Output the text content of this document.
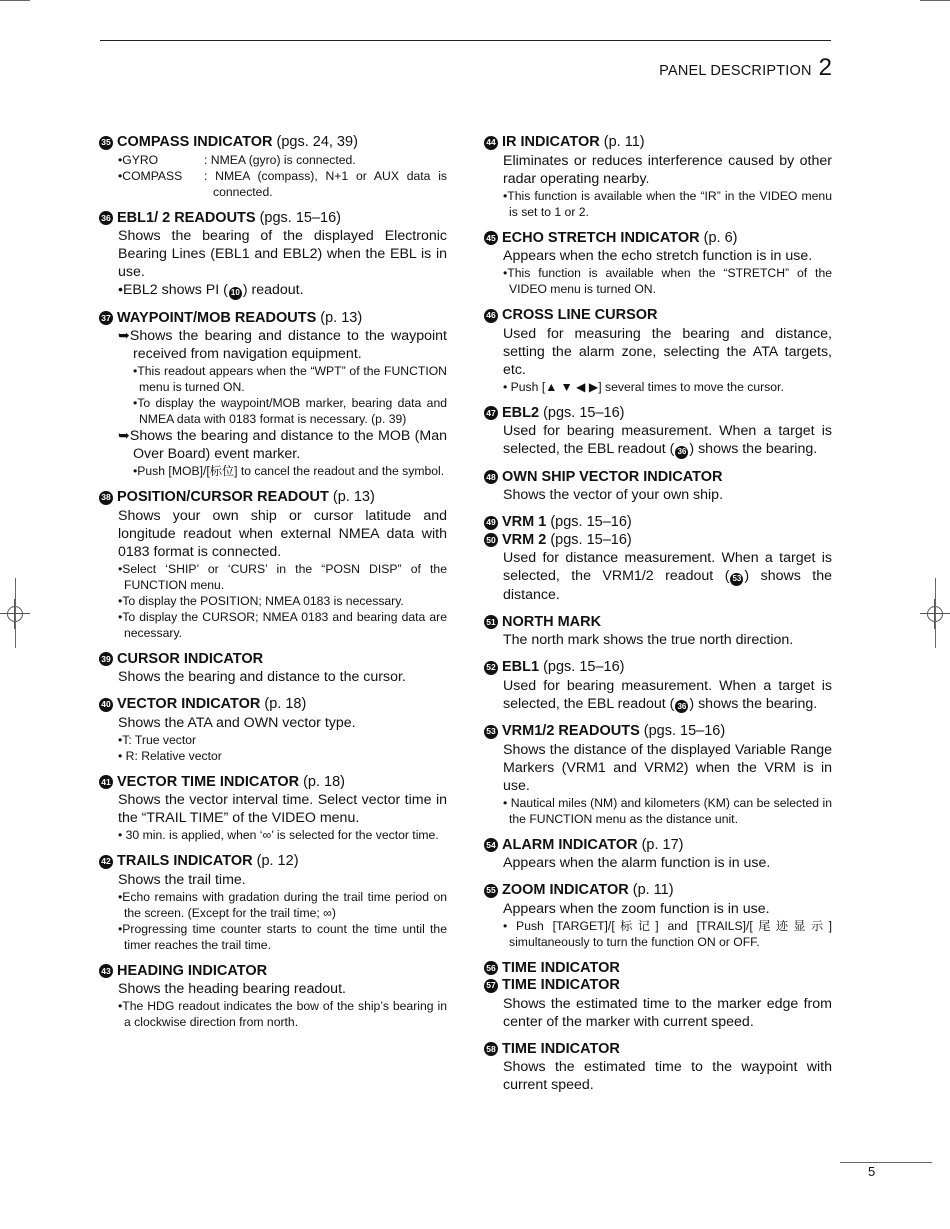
PANEL DESCRIPTION 2
35 COMPASS INDICATOR (pgs. 24, 39)
•GYRO	: NMEA (gyro) is connected.
•COMPASS	: NMEA (compass), N+1 or AUX data is connected.
36 EBL1/ 2 READOUTS (pgs. 15–16)
Shows the bearing of the displayed Electronic Bearing Lines (EBL1 and EBL2) when the EBL is in use.
•EBL2 shows PI ( 10 ) readout.
37 WAYPOINT/MOB READOUTS (p. 13)
➥Shows the bearing and distance to the waypoint received from navigation equipment.
•This readout appears when the “WPT” of the FUNCTION menu is turned ON.
•To display the waypoint/MOB marker, bearing data and NMEA data with 0183 format is necessary. (p. 39)
➥Shows the bearing and distance to the MOB (Man Over Board) event marker.
•Push [MOB]/[标位] to cancel the readout and the symbol.
38 POSITION/CURSOR READOUT (p. 13)
Shows your own ship or cursor latitude and longitude readout when external NMEA data with 0183 format is connected.
•Select ‘SHIP’ or ‘CURS’ in the “POSN DISP” of the FUNCTION menu.
•To display the POSITION; NMEA 0183 is necessary.
•To display the CURSOR; NMEA 0183 and bearing data are necessary.
39 CURSOR INDICATOR
Shows the bearing and distance to the cursor.
40 VECTOR INDICATOR (p. 18)
Shows the ATA and OWN vector type.
•T: True vector
• R: Relative vector
41 VECTOR TIME INDICATOR (p. 18)
Shows the vector interval time. Select vector time in the “TRAIL TIME” of the VIDEO menu.
• 30 min. is applied, when ‘∞’ is selected for the vector time.
42 TRAILS INDICATOR (p. 12)
Shows the trail time.
•Echo remains with gradation during the trail time period on the screen. (Except for the trail time; ∞)
•Progressing time counter starts to count the time until the timer reaches the trail time.
43 HEADING INDICATOR
Shows the heading bearing readout.
•The HDG readout indicates the bow of the ship’s bearing in a clockwise direction from north.
44 IR INDICATOR (p. 11)
Eliminates or reduces interference caused by other radar operating nearby.
•This function is available when the “IR” in the VIDEO menu is set to 1 or 2.
45 ECHO STRETCH INDICATOR (p. 6)
Appears when the echo stretch function is in use.
•This function is available when the “STRETCH” of the VIDEO menu is turned ON.
46 CROSS LINE CURSOR
Used for measuring the bearing and distance, setting the alarm zone, selecting the ATA targets, etc.
• Push [▲ ▼ ◀ ▶] several times to move the cursor.
47 EBL2 (pgs. 15–16)
Used for bearing measurement. When a target is selected, the EBL readout ( 36 ) shows the bearing.
48 OWN SHIP VECTOR INDICATOR
Shows the vector of your own ship.
49 VRM 1 (pgs. 15–16)
50 VRM 2 (pgs. 15–16)
Used for distance measurement. When a target is selected, the VRM1/2 readout ( 53 ) shows the distance.
51 NORTH MARK
The north mark shows the true north direction.
52 EBL1 (pgs. 15–16)
Used for bearing measurement. When a target is selected, the EBL readout ( 36 ) shows the bearing.
53 VRM1/2 READOUTS (pgs. 15–16)
Shows the distance of the displayed Variable Range Markers (VRM1 and VRM2) when the VRM is in use.
• Nautical miles (NM) and kilometers (KM) can be selected in the FUNCTION menu as the distance unit.
54 ALARM INDICATOR (p. 17)
Appears when the alarm function is in use.
55 ZOOM INDICATOR (p. 11)
Appears when the zoom function is in use.
• Push [TARGET]/[标记] and [TRAILS]/[尾迹显示] simultaneously to turn the function ON or OFF.
56 TIME INDICATOR
57 TIME INDICATOR
Shows the estimated time to the marker edge from center of the marker with current speed.
58 TIME INDICATOR
Shows the estimated time to the waypoint with current speed.
5
